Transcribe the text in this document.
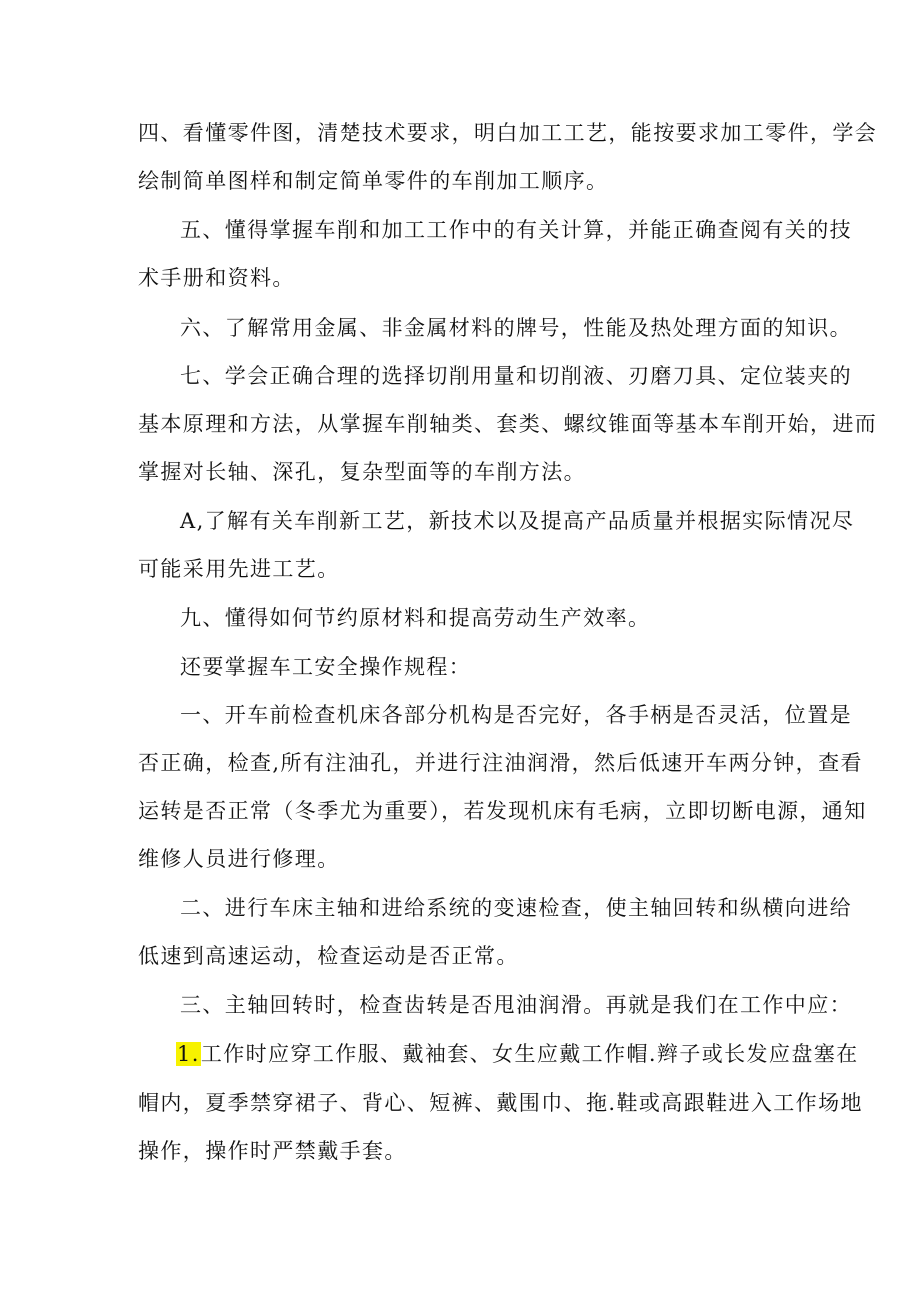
四、看懂零件图，清楚技术要求，明白加工工艺，能按要求加工零件，学会
绘制简单图样和制定简单零件的车削加工顺序。
五、懂得掌握车削和加工工作中的有关计算，并能正确查阅有关的技
术手册和资料。
六、了解常用金属、非金属材料的牌号，性能及热处理方面的知识。
七、学会正确合理的选择切削用量和切削液、刃磨刀具、定位装夹的
基本原理和方法，从掌握车削轴类、套类、螺纹锥面等基本车削开始，进而
掌握对长轴、深孔，复杂型面等的车削方法。
A,了解有关车削新工艺，新技术以及提高产品质量并根据实际情况尽
可能采用先进工艺。
九、懂得如何节约原材料和提高劳动生产效率。
还要掌握车工安全操作规程：
一、开车前检查机床各部分机构是否完好，各手柄是否灵活，位置是
否正确，检查,所有注油孔，并进行注油润滑，然后低速开车两分钟，查看
运转是否正常（冬季尤为重要），若发现机床有毛病，立即切断电源，通知
维修人员进行修理。
二、进行车床主轴和进给系统的变速检查，使主轴回转和纵横向进给
低速到高速运动，检查运动是否正常。
三、主轴回转时，检查齿转是否甩油润滑。再就是我们在工作中应：
1.工作时应穿工作服、戴袖套、女生应戴工作帽.辫子或长发应盘塞在
帽内，夏季禁穿裙子、背心、短裤、戴围巾、拖.鞋或高跟鞋进入工作场地
操作，操作时严禁戴手套。
